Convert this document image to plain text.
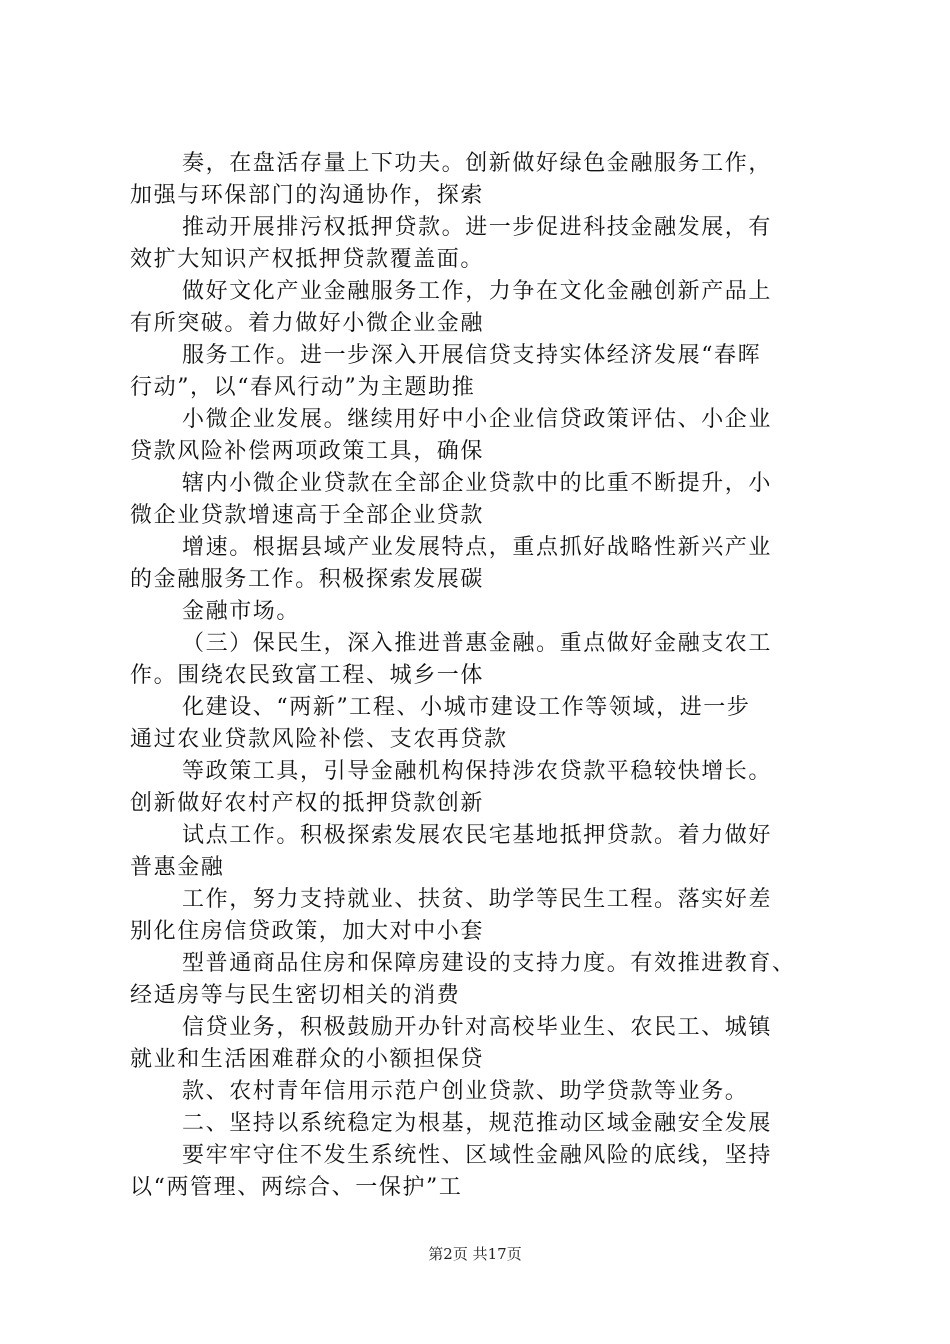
奏，在盘活存量上下功夫。创新做好绿色金融服务工作，
加强与环保部门的沟通协作，探索

推动开展排污权抵押贷款。进一步促进科技金融发展，有
效扩大知识产权抵押贷款覆盖面。

做好文化产业金融服务工作，力争在文化金融创新产品上
有所突破。着力做好小微企业金融

服务工作。进一步深入开展信贷支持实体经济发展“春晖
行动”，以“春风行动”为主题助推

小微企业发展。继续用好中小企业信贷政策评估、小企业
贷款风险补偿两项政策工具，确保

辖内小微企业贷款在全部企业贷款中的比重不断提升，小
微企业贷款增速高于全部企业贷款

增速。根据县域产业发展特点，重点抓好战略性新兴产业
的金融服务工作。积极探索发展碳

金融市场。

（三）保民生，深入推进普惠金融。重点做好金融支农工
作。围绕农民致富工程、城乡一体

化建设、“两新”工程、小城市建设工作等领域，进一步
通过农业贷款风险补偿、支农再贷款

等政策工具，引导金融机构保持涉农贷款平稳较快增长。
创新做好农村产权的抵押贷款创新

试点工作。积极探索发展农民宅基地抵押贷款。着力做好
普惠金融

工作，努力支持就业、扶贫、助学等民生工程。落实好差
别化住房信贷政策，加大对中小套

型普通商品住房和保障房建设的支持力度。有效推进教育、
经适房等与民生密切相关的消费

信贷业务，积极鼓励开办针对高校毕业生、农民工、城镇
就业和生活困难群众的小额担保贷

款、农村青年信用示范户创业贷款、助学贷款等业务。

二、坚持以系统稳定为根基，规范推动区域金融安全发展

要牢牢守住不发生系统性、区域性金融风险的底线，坚持
以“两管理、两综合、一保护”工

第2页 共17页
